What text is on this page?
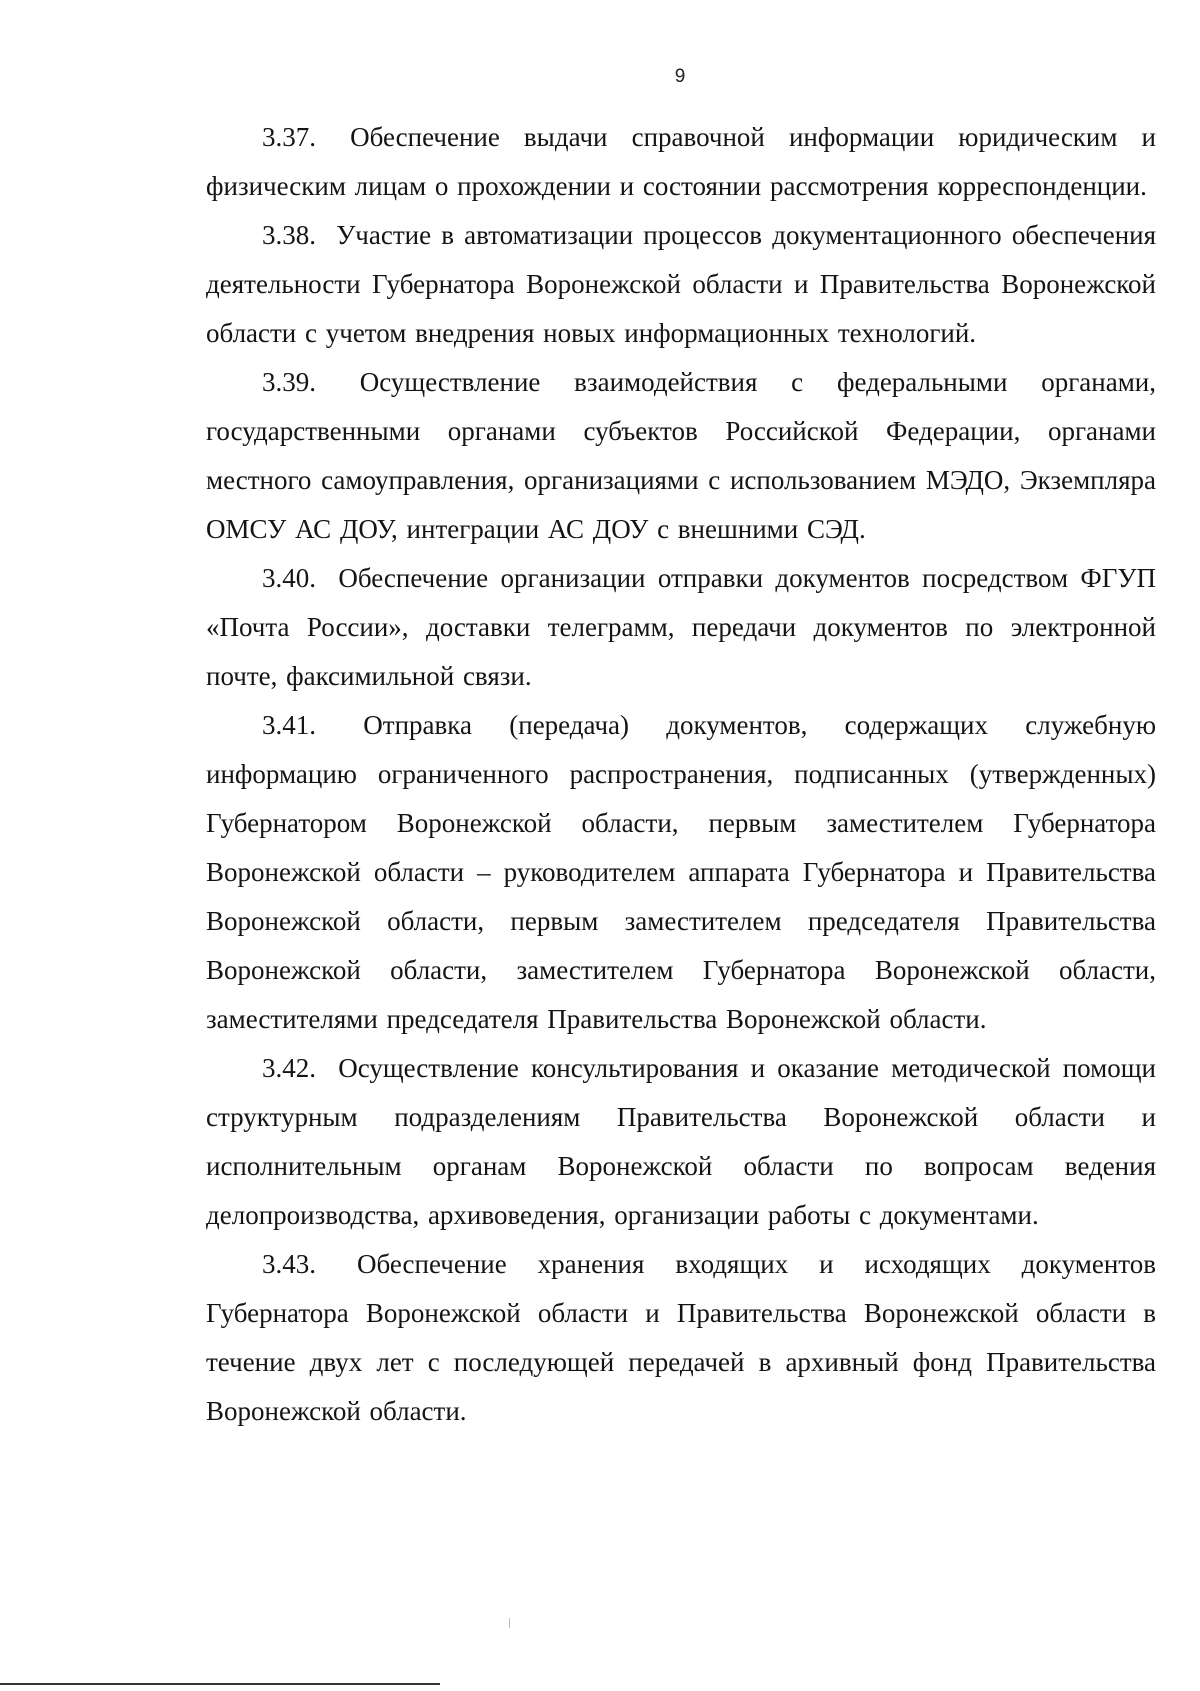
9

3.37. Обеспечение выдачи справочной информации юридическим и физическим лицам о прохождении и состоянии рассмотрения корреспонденции.

3.38. Участие в автоматизации процессов документационного обеспечения деятельности Губернатора Воронежской области и Правительства Воронежской области с учетом внедрения новых информационных технологий.

3.39. Осуществление взаимодействия с федеральными органами, государственными органами субъектов Российской Федерации, органами местного самоуправления, организациями с использованием МЭДО, Экземпляра ОМСУ АС ДОУ, интеграции АС ДОУ с внешними СЭД.

3.40. Обеспечение организации отправки документов посредством ФГУП «Почта России», доставки телеграмм, передачи документов по электронной почте, факсимильной связи.

3.41. Отправка (передача) документов, содержащих служебную информацию ограниченного распространения, подписанных (утвержденных) Губернатором Воронежской области, первым заместителем Губернатора Воронежской области – руководителем аппарата Губернатора и Правительства Воронежской области, первым заместителем председателя Правительства Воронежской области, заместителем Губернатора Воронежской области, заместителями председателя Правительства Воронежской области.

3.42. Осуществление консультирования и оказание методической помощи структурным подразделениям Правительства Воронежской области и исполнительным органам Воронежской области по вопросам ведения делопроизводства, архивоведения, организации работы с документами.

3.43. Обеспечение хранения входящих и исходящих документов Губернатора Воронежской области и Правительства Воронежской области в течение двух лет с последующей передачей в архивный фонд Правительства Воронежской области.
